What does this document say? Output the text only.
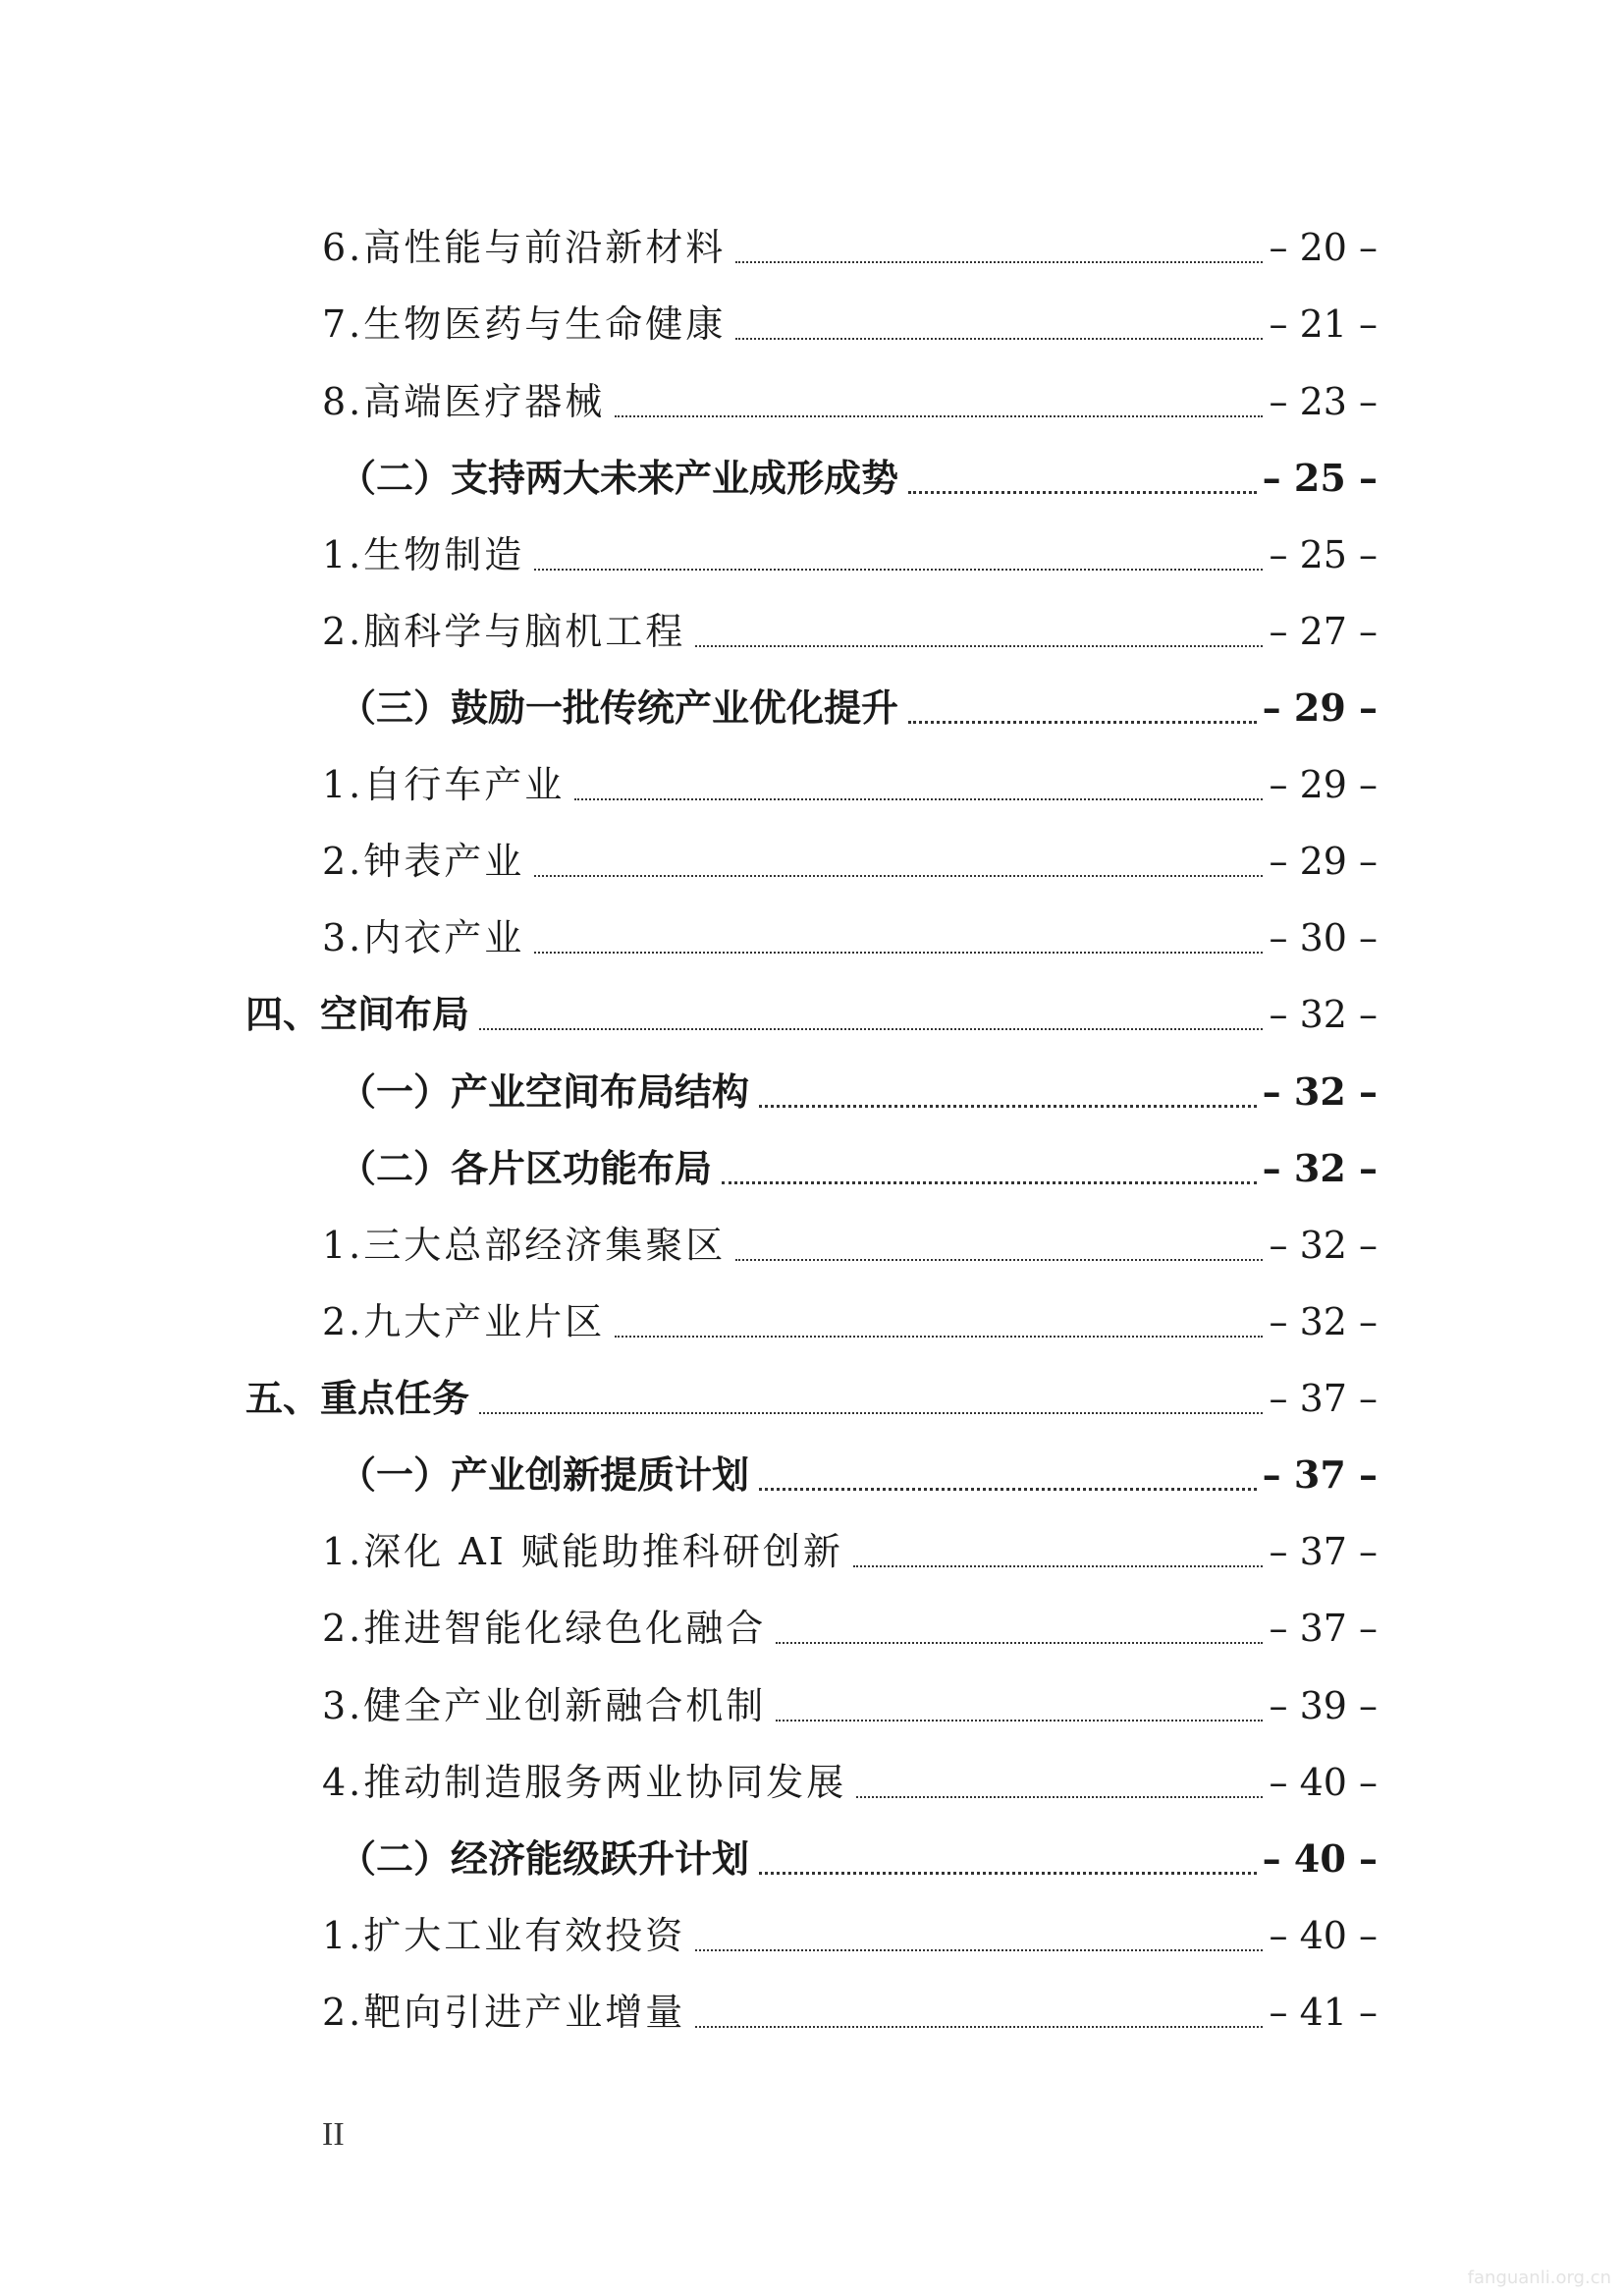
6.高性能与前沿新材料	– 20 –
7.生物医药与生命健康	– 21 –
8.高端医疗器械	– 23 –
（二）支持两大未来产业成形成势	– 25 –
1.生物制造	– 25 –
2.脑科学与脑机工程	– 27 –
（三）鼓励一批传统产业优化提升	– 29 –
1.自行车产业	– 29 –
2.钟表产业	– 29 –
3.内衣产业	– 30 –
四、空间布局	– 32 –
（一）产业空间布局结构	– 32 –
（二）各片区功能布局	– 32 –
1.三大总部经济集聚区	– 32 –
2.九大产业片区	– 32 –
五、重点任务	– 37 –
（一）产业创新提质计划	– 37 –
1.深化 AI 赋能助推科研创新	– 37 –
2.推进智能化绿色化融合	– 37 –
3.健全产业创新融合机制	– 39 –
4.推动制造服务两业协同发展	– 40 –
（二）经济能级跃升计划	– 40 –
1.扩大工业有效投资	– 40 –
2.靶向引进产业增量	– 41 –
II
fanguanli.org.cn
